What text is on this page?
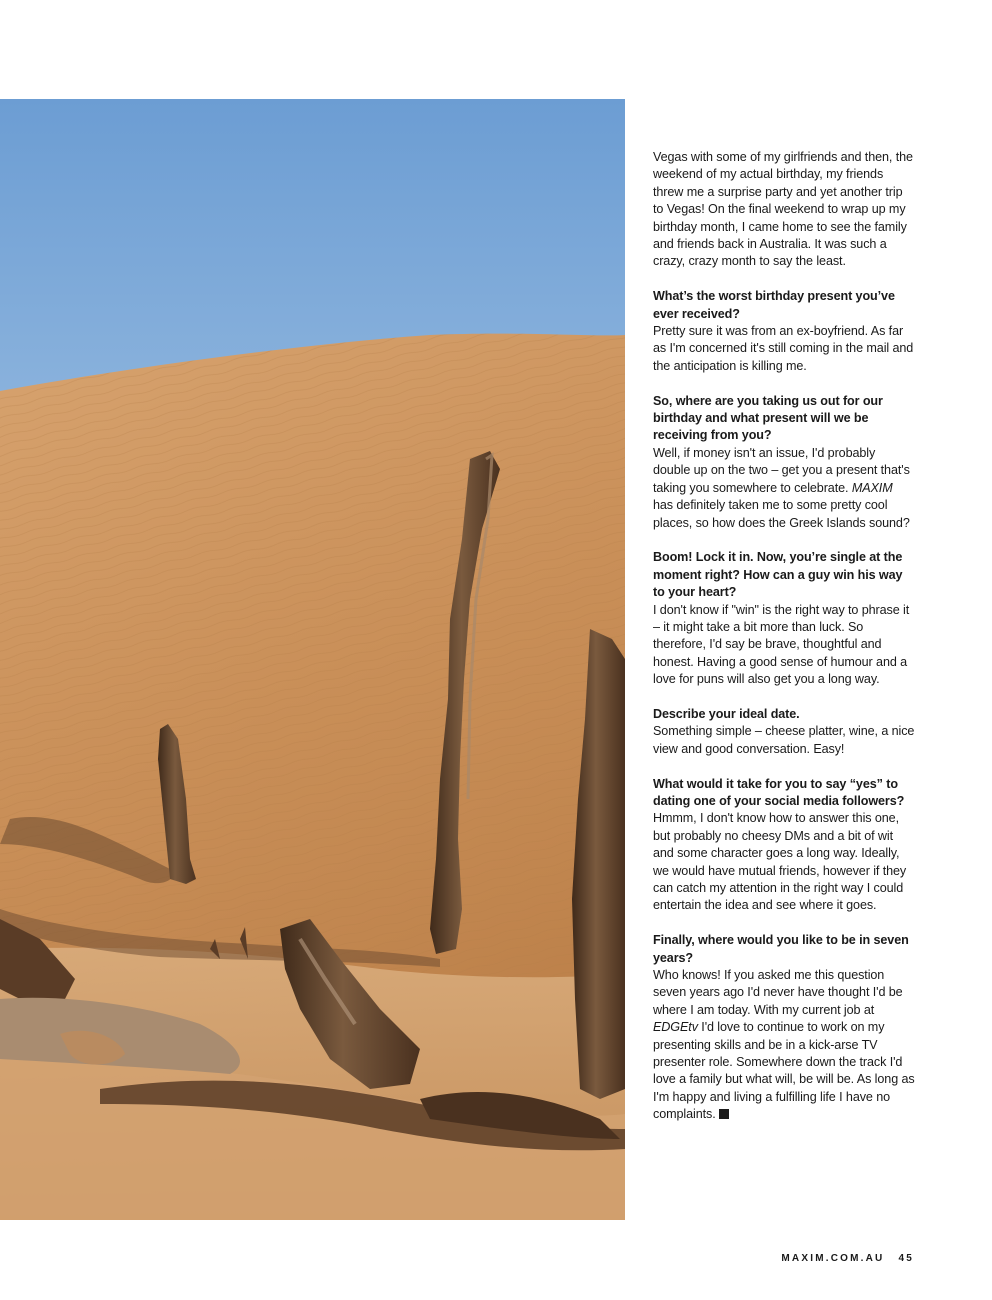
Vegas with some of my girlfriends and then, the weekend of my actual birthday, my friends threw me a surprise party and yet another trip to Vegas! On the final weekend to wrap up my birthday month, I came home to see the family and friends back in Australia. It was such a crazy, crazy month to say the least.

What’s the worst birthday present you’ve ever received?
Pretty sure it was from an ex-boyfriend. As far as I'm concerned it's still coming in the mail and the anticipation is killing me.

So, where are you taking us out for our birthday and what present will we be receiving from you?
Well, if money isn't an issue, I'd probably double up on the two – get you a present that's taking you somewhere to celebrate. MAXIM has definitely taken me to some pretty cool places, so how does the Greek Islands sound?

Boom! Lock it in. Now, you’re single at the moment right? How can a guy win his way to your heart?
I don't know if "win" is the right way to phrase it – it might take a bit more than luck. So therefore, I'd say be brave, thoughtful and honest. Having a good sense of humour and a love for puns will also get you a long way.

Describe your ideal date.
Something simple – cheese platter, wine, a nice view and good conversation. Easy!

What would it take for you to say “yes” to dating one of your social media followers?
Hmmm, I don't know how to answer this one, but probably no cheesy DMs and a bit of wit and some character goes a long way. Ideally, we would have mutual friends, however if they can catch my attention in the right way I could entertain the idea and see where it goes.

Finally, where would you like to be in seven years?
Who knows! If you asked me this question seven years ago I'd never have thought I'd be where I am today. With my current job at EDGEtv I'd love to continue to work on my presenting skills and be in a kick-arse TV presenter role. Somewhere down the track I'd love a family but what will, be will be. As long as I'm happy and living a fulfilling life I have no complaints.

MAXIM.COM.AU 45
